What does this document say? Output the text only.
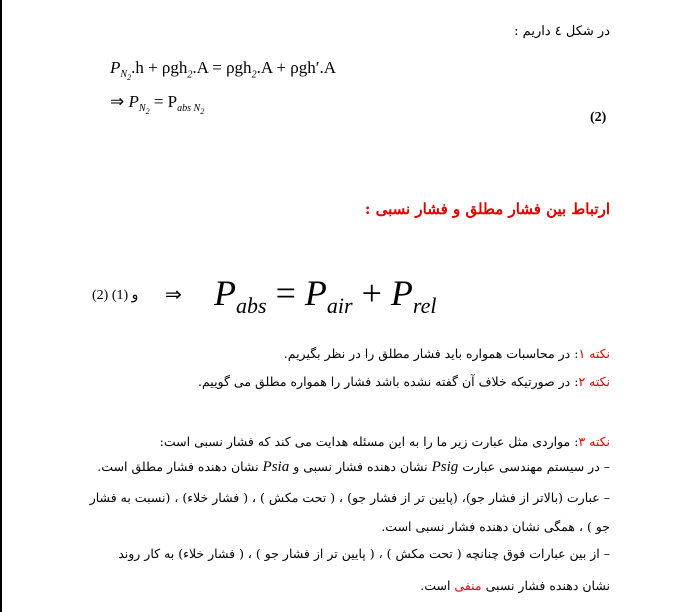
در شکل ٤ داریم :
$P_{N_2}.h + \rho gh_2.A = \rho gh_2.A + \rho gh'.A$
⇒ $P_{N_2} = P_{abs N_2}$	(2)
ارتباط بین فشار مطلق و فشار نسبی :
(2) و (1) ⇒ $P_{abs} = P_{air} + P_{rel}$
نکته ۱: در محاسبات همواره باید فشار مطلق را در نظر بگیریم.
نکته ۲: در صورتیکه خلاف آن گفته نشده باشد فشار را همواره مطلق می گوییم.
نکته ۳: مواردی مثل عبارت زیر ما را به این مسئله هدایت می کند که فشار نسبی است:
– در سیستم مهندسی عبارت Psig نشان دهنده فشار نسبی و Psia نشان دهنده فشار مطلق است.
– عبارت (بالاتر از فشار جو)، (پایین تر از فشار جو) ، ( تحت مکش ) ، ( فشار خلاء) ، (نسبت به فشار
جو ) ، همگی نشان دهنده فشار نسبی است.
– از بین عبارات فوق چنانچه ( تحت مکش ) ، ( پایین تر از فشار جو ) ، ( فشار خلاء) به کار روند
نشان دهنده فشار نسبی منفی است.
